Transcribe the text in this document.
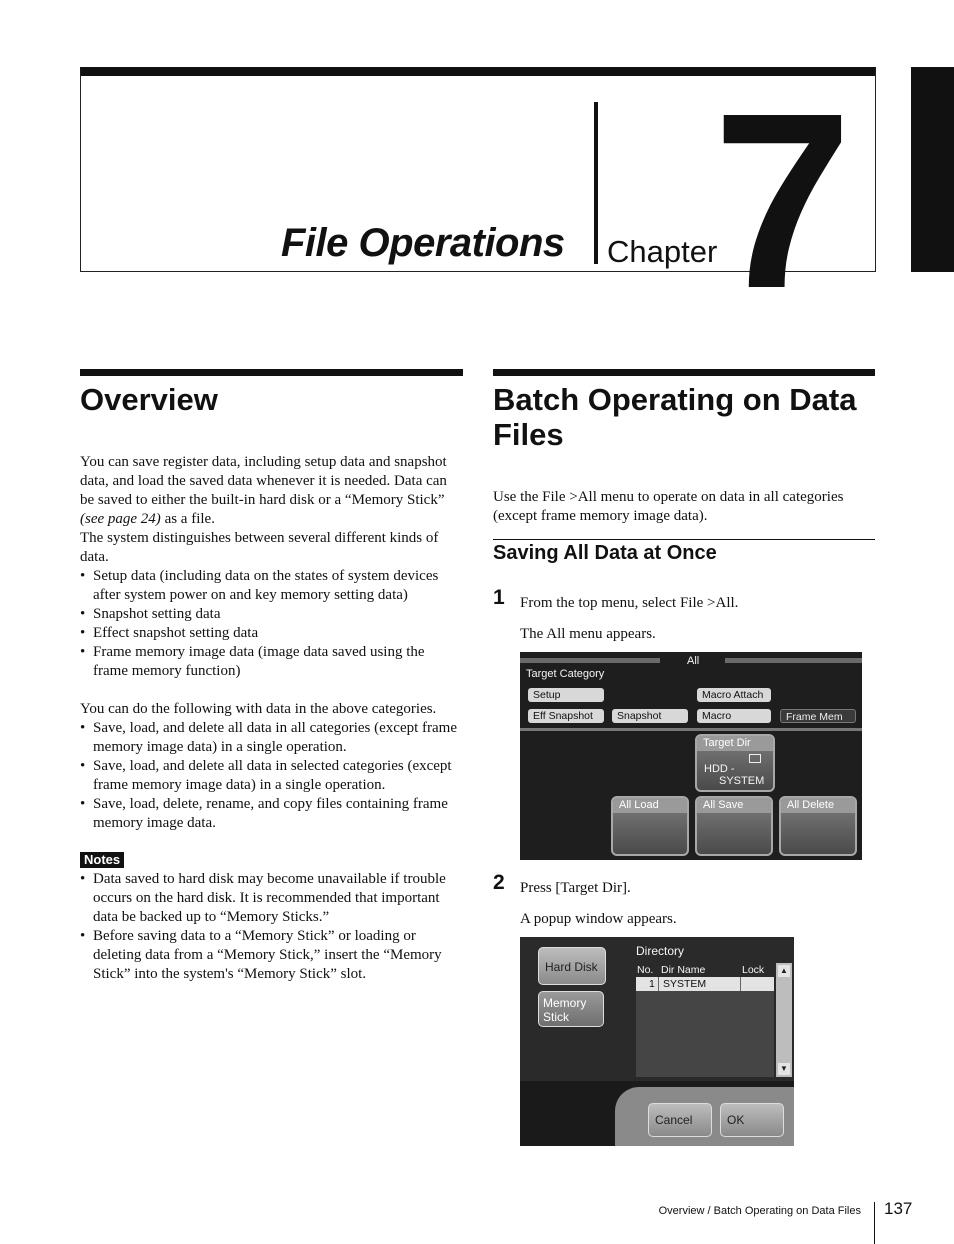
File Operations Chapter
7
Overview
You can save register data, including setup data and snapshot data, and load the saved data whenever it is needed. Data can be saved to either the built-in hard disk or a “Memory Stick” (see page 24) as a file.
The system distinguishes between several different kinds of data.
• Setup data (including data on the states of system devices after system power on and key memory setting data)
• Snapshot setting data
• Effect snapshot setting data
• Frame memory image data (image data saved using the frame memory function)
You can do the following with data in the above categories.
• Save, load, and delete all data in all categories (except frame memory image data) in a single operation.
• Save, load, and delete all data in selected categories (except frame memory image data) in a single operation.
• Save, load, delete, rename, and copy files containing frame memory image data.
Notes
• Data saved to hard disk may become unavailable if trouble occurs on the hard disk. It is recommended that important data be backed up to “Memory Sticks.”
• Before saving data to a “Memory Stick” or loading or deleting data from a “Memory Stick,” insert the “Memory Stick” into the system's “Memory Stick” slot.
Batch Operating on Data Files
Use the File >All menu to operate on data in all categories (except frame memory image data).
Saving All Data at Once
1 From the top menu, select File >All.
The All menu appears.
All
Target Category
Setup	Macro Attach
Eff Snapshot	Snapshot	Macro	Frame Mem
Target Dir
HDD -
SYSTEM
All Load	All Save	All Delete
2 Press [Target Dir].
A popup window appears.
Hard Disk
Memory
Stick
Directory
No. Dir Name	Lock
1 SYSTEM
▲
▼
Cancel	OK
Overview / Batch Operating on Data Files 137
